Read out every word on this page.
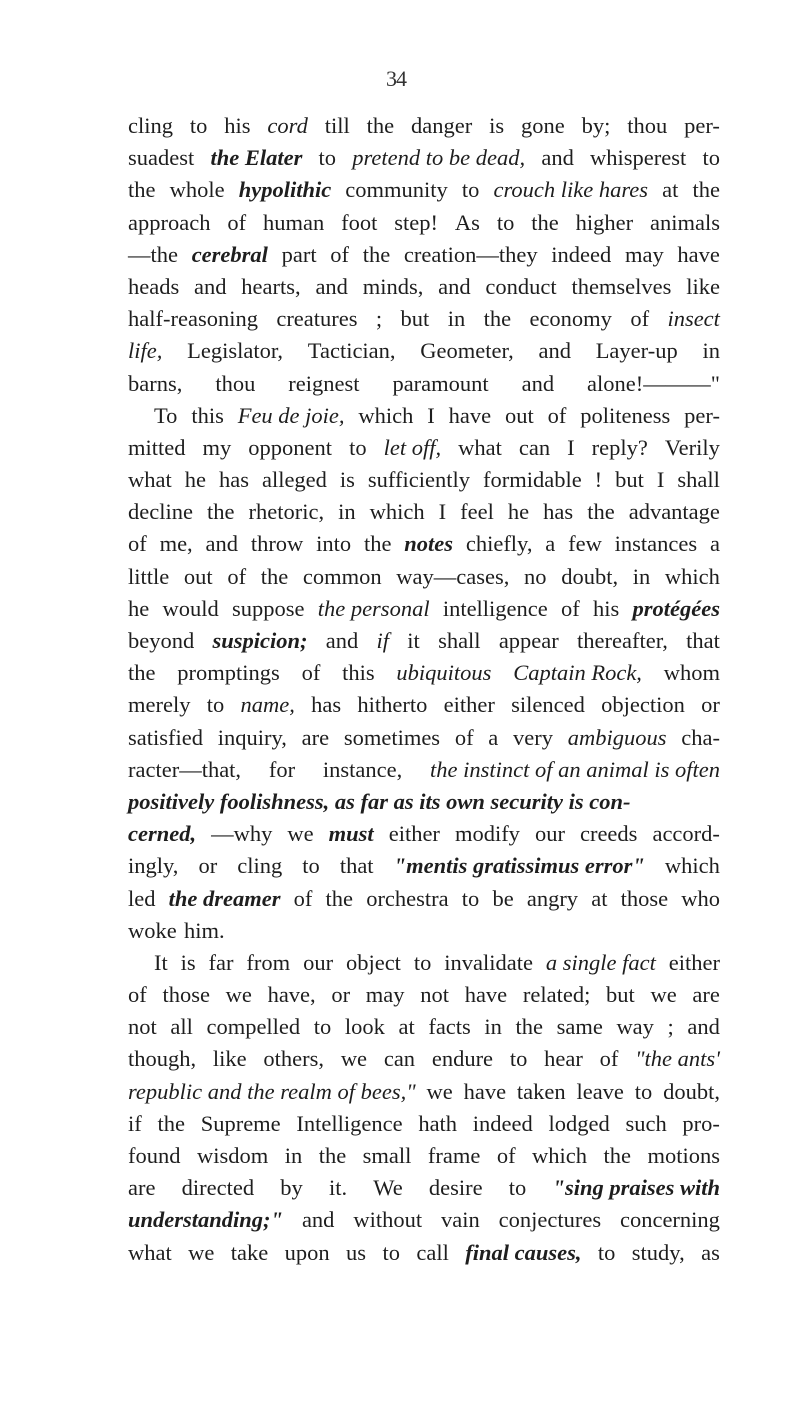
34
cling to his cord till the danger is gone by; thou per-
suadest the Elater to pretend to be dead, and whisperest to
the whole hypolithic community to crouch like hares at the
approach of human foot step! As to the higher animals
—the cerebral part of the creation—they indeed may have
heads and hearts, and minds, and conduct themselves like
half-reasoning creatures ; but in the economy of insect
life, Legislator, Tactician, Geometer, and Layer-up in
barns, thou reignest paramount and alone!———"
To this Feu de joie, which I have out of politeness per-
mitted my opponent to let off, what can I reply? Verily
what he has alleged is sufficiently formidable ! but I shall
decline the rhetoric, in which I feel he has the advantage
of me, and throw into the notes chiefly, a few instances a
little out of the common way—cases, no doubt, in which
he would suppose the personal intelligence of his protégées
beyond suspicion; and if it shall appear thereafter, that
the promptings of this ubiquitous Captain Rock, whom
merely to name, has hitherto either silenced objection or
satisfied inquiry, are sometimes of a very ambiguous cha-
racter—that, for instance, the instinct of an animal is often
positively foolishness, as far as its own security is con-
cerned, —why we must either modify our creeds accord-
ingly, or cling to that "mentis gratissimus error" which
led the dreamer of the orchestra to be angry at those who
woke him.
It is far from our object to invalidate a single fact either
of those we have, or may not have related; but we are
not all compelled to look at facts in the same way ; and
though, like others, we can endure to hear of "the ants'
republic and the realm of bees," we have taken leave to doubt,
if the Supreme Intelligence hath indeed lodged such pro-
found wisdom in the small frame of which the motions
are directed by it. We desire to "sing praises with
understanding;" and without vain conjectures concerning
what we take upon us to call final causes, to study, as
